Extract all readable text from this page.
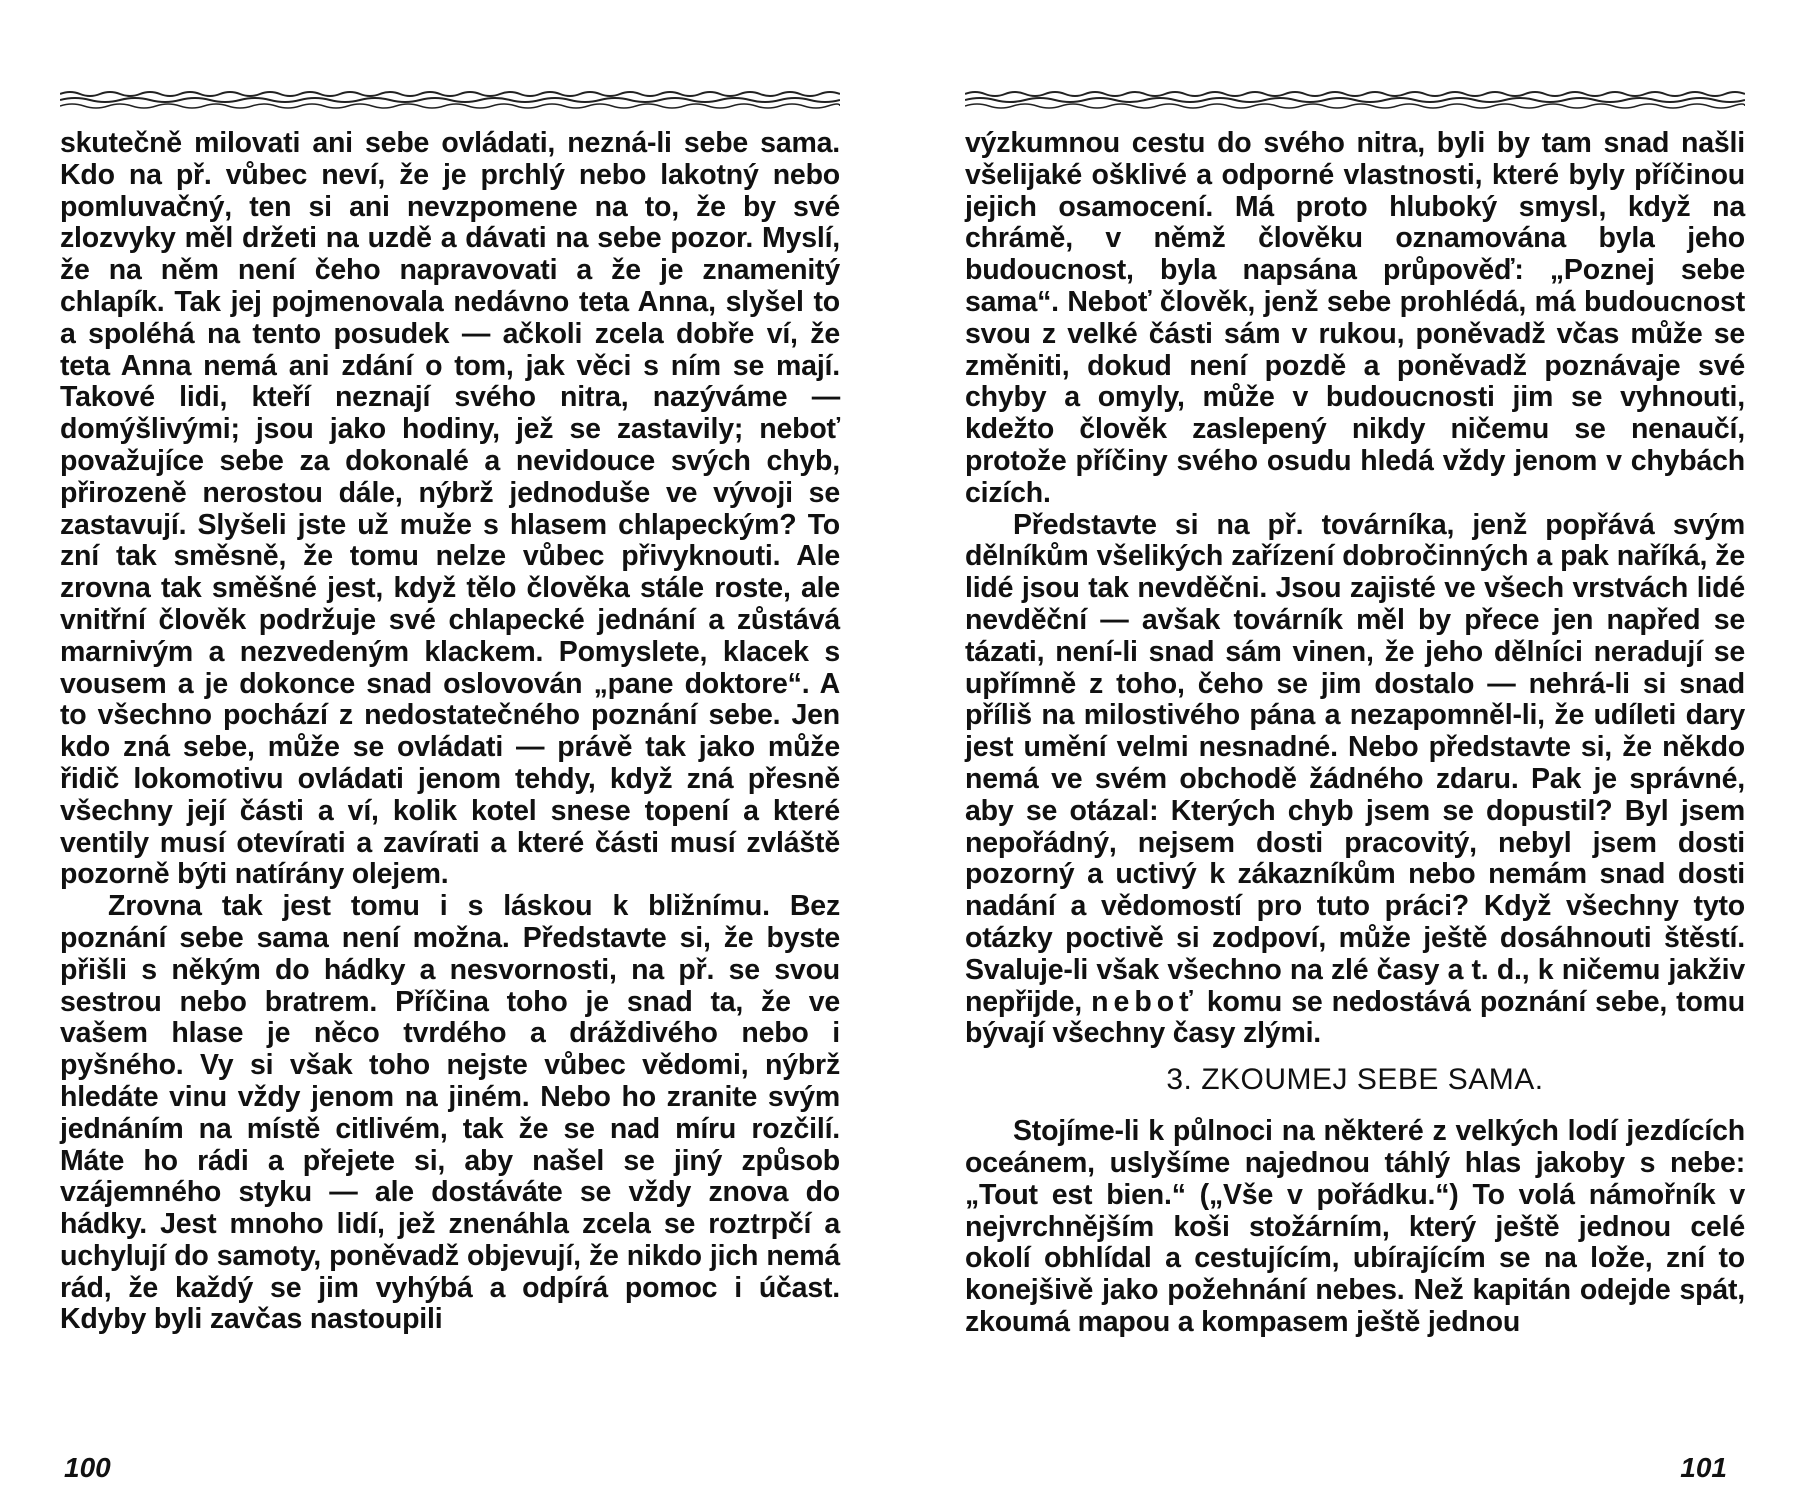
skutečně milovati ani sebe ovládati, nezná-li sebe sama. Kdo na př. vůbec neví, že je prchlý nebo lakotný nebo pomluvačný, ten si ani nevzpomene na to, že by své zlozvyky měl držeti na uzdě a dávati na sebe pozor. Myslí, že na něm není čeho napravovati a že je znamenitý chlapík. Tak jej pojmenovala nedávno teta Anna, slyšel to a spoléhá na tento posudek — ačkoli zcela dobře ví, že teta Anna nemá ani zdání o tom, jak věci s ním se mají. Takové lidi, kteří neznají svého nitra, nazýváme — domýšlivými; jsou jako hodiny, jež se zastavily; neboť považujíce sebe za dokonalé a nevidouce svých chyb, přirozeně nerostou dále, nýbrž jednoduše ve vývoji se zastavují. Slyšeli jste už muže s hlasem chlapeckým? To zní tak směsně, že tomu nelze vůbec přivyknouti. Ale zrovna tak směšné jest, když tělo člověka stále roste, ale vnitřní člověk podržuje své chlapecké jednání a zůstává marnivým a nezvedeným klackem. Pomyslete, klacek s vousem a je dokonce snad oslovován „pane doktore“. A to všechno pochází z nedostatečného poznání sebe. Jen kdo zná sebe, může se ovládati — právě tak jako může řidič lokomotivu ovládati jenom tehdy, když zná přesně všechny její části a ví, kolik kotel snese topení a které ventily musí otevírati a zavírati a které části musí zvláště pozorně býti natírány olejem.

Zrovna tak jest tomu i s láskou k bližnímu. Bez poznání sebe sama není možna. Představte si, že byste přišli s někým do hádky a nesvornosti, na př. se svou sestrou nebo bratrem. Příčina toho je snad ta, že ve vašem hlase je něco tvrdého a dráždivého nebo i pyšného. Vy si však toho nejste vůbec vědomi, nýbrž hledáte vinu vždy jenom na jiném. Nebo ho zranite svým jednáním na místě citlivém, tak že se nad míru rozčilí. Máte ho rádi a přejete si, aby našel se jiný způsob vzájemného styku — ale dostáváte se vždy znova do hádky. Jest mnoho lidí, jež znenáhla zcela se roztrpčí a uchylují do samoty, poněvadž objevují, že nikdo jich nemá rád, že každý se jim vyhýbá a odpírá pomoc i účast. Kdyby byli zavčas nastoupili

100

výzkumnou cestu do svého nitra, byli by tam snad našli všelijaké ošklivé a odporné vlastnosti, které byly příčinou jejich osamocení. Má proto hluboký smysl, když na chrámě, v němž člověku oznamována byla jeho budoucnost, byla napsána průpověď: „Poznej sebe sama“. Neboť člověk, jenž sebe prohlédá, má budoucnost svou z velké části sám v rukou, poněvadž včas může se změniti, dokud není pozdě a poněvadž poznávaje své chyby a omyly, může v budoucnosti jim se vyhnouti, kdežto člověk zaslepený nikdy ničemu se nenaučí, protože příčiny svého osudu hledá vždy jenom v chybách cizích.

Představte si na př. továrníka, jenž popřává svým dělníkům všelikých zařízení dobročinných a pak naříká, že lidé jsou tak nevděčni. Jsou zajisté ve všech vrstvách lidé nevděční — avšak továrník měl by přece jen napřed se tázati, není-li snad sám vinen, že jeho dělníci neradují se upřímně z toho, čeho se jim dostalo — nehrá-li si snad příliš na milostivého pána a nezapomněl-li, že udíleti dary jest umění velmi nesnadné. Nebo představte si, že někdo nemá ve svém obchodě žádného zdaru. Pak je správné, aby se otázal: Kterých chyb jsem se dopustil? Byl jsem nepořádný, nejsem dosti pracovitý, nebyl jsem dosti pozorný a uctivý k zákazníkům nebo nemám snad dosti nadání a vědomostí pro tuto práci? Když všechny tyto otázky poctivě si zodpoví, může ještě dosáhnouti štěstí. Svaluje-li však všechno na zlé časy a t. d., k ničemu jakživ nepřijde, neboť komu se nedostává poznání sebe, tomu bývají všechny časy zlými.

3. ZKOUMEJ SEBE SAMA.

Stojíme-li k půlnoci na některé z velkých lodí jezdících oceánem, uslyšíme najednou táhlý hlas jakoby s nebe: „Tout est bien.“ („Vše v pořádku.“) To volá námořník v nejvrchnějším koši stožárním, který ještě jednou celé okolí obhlídal a cestujícím, ubírajícím se na lože, zní to konejšivě jako požehnání nebes. Než kapitán odejde spát, zkoumá mapou a kompasem ještě jednou

101
